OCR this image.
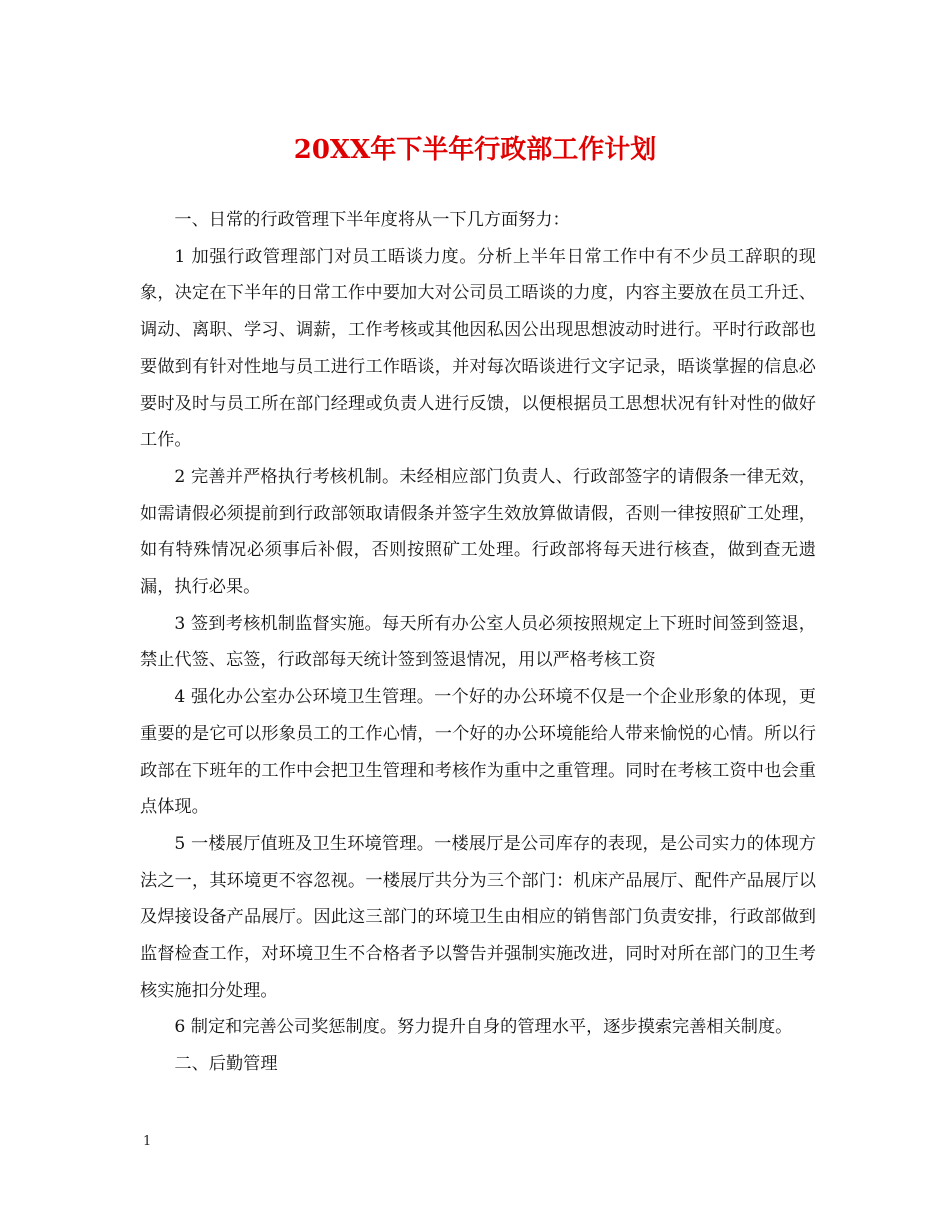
20XX年下半年行政部工作计划

一、日常的行政管理下半年度将从一下几方面努力：

1 加强行政管理部门对员工晤谈力度。分析上半年日常工作中有不少员工辞职的现象，决定在下半年的日常工作中要加大对公司员工晤谈的力度，内容主要放在员工升迁、调动、离职、学习、调薪，工作考核或其他因私因公出现思想波动时进行。平时行政部也要做到有针对性地与员工进行工作晤谈，并对每次晤谈进行文字记录，晤谈掌握的信息必要时及时与员工所在部门经理或负责人进行反馈，以便根据员工思想状况有针对性的做好工作。

2 完善并严格执行考核机制。未经相应部门负责人、行政部签字的请假条一律无效，如需请假必须提前到行政部领取请假条并签字生效放算做请假，否则一律按照矿工处理，如有特殊情况必须事后补假，否则按照矿工处理。行政部将每天进行核查，做到查无遗漏，执行必果。

3 签到考核机制监督实施。每天所有办公室人员必须按照规定上下班时间签到签退，禁止代签、忘签，行政部每天统计签到签退情况，用以严格考核工资

4 强化办公室办公环境卫生管理。一个好的办公环境不仅是一个企业形象的体现，更重要的是它可以形象员工的工作心情，一个好的办公环境能给人带来愉悦的心情。所以行政部在下班年的工作中会把卫生管理和考核作为重中之重管理。同时在考核工资中也会重点体现。

5 一楼展厅值班及卫生环境管理。一楼展厅是公司库存的表现，是公司实力的体现方法之一，其环境更不容忽视。一楼展厅共分为三个部门：机床产品展厅、配件产品展厅以及焊接设备产品展厅。因此这三部门的环境卫生由相应的销售部门负责安排，行政部做到监督检查工作，对环境卫生不合格者予以警告并强制实施改进，同时对所在部门的卫生考核实施扣分处理。

6 制定和完善公司奖惩制度。努力提升自身的管理水平，逐步摸索完善相关制度。

二、后勤管理

1
